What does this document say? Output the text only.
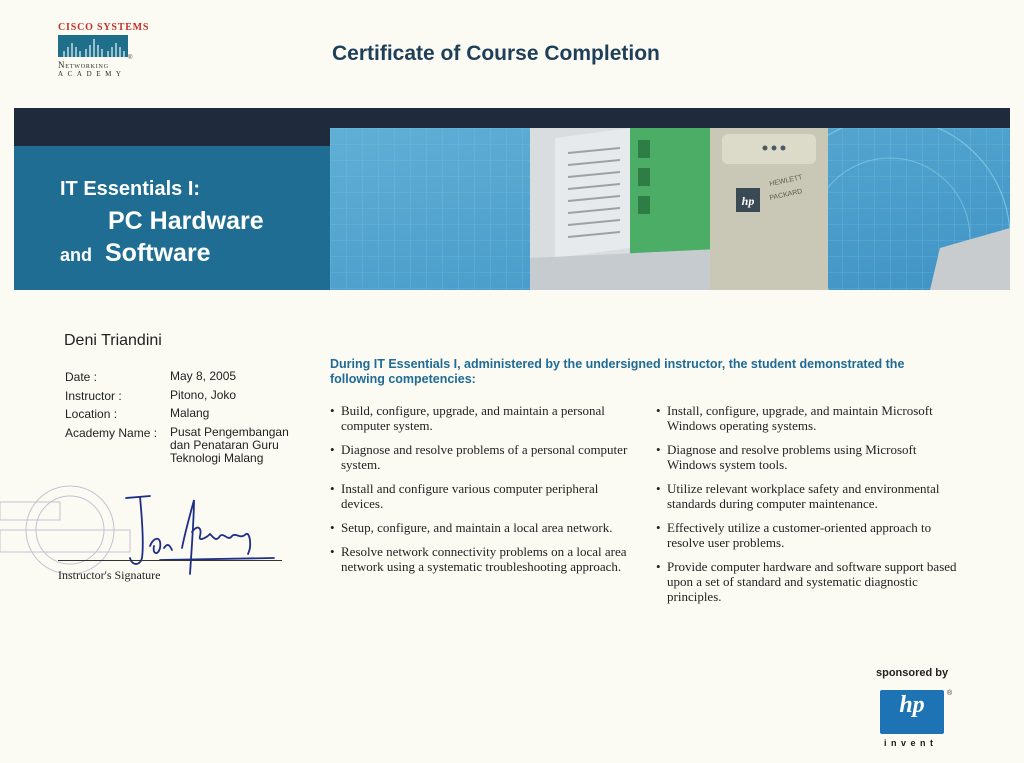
CISCO SYSTEMS
®
Networking
ACADEMY
Certificate of Course Completion
hp
HEWLETT
PACKARD
IT Essentials I:
PC Hardware
and Software
Deni Triandini
Date :	May 8, 2005
Instructor :	Pitono, Joko
Location :	Malang
Academy Name : Pusat Pengembangan dan Penataran Guru Teknologi Malang
Instructor's Signature
During IT Essentials I, administered by the undersigned instructor, the student demonstrated the following competencies:
• Build, configure, upgrade, and maintain a personal computer system.
• Diagnose and resolve problems of a personal computer system.
• Install and configure various computer peripheral devices.
• Setup, configure, and maintain a local area network.
• Resolve network connectivity problems on a local area network using a systematic troubleshooting approach.
• Install, configure, upgrade, and maintain Microsoft Windows operating systems.
• Diagnose and resolve problems using Microsoft Windows system tools.
• Utilize relevant workplace safety and environmental standards during computer maintenance.
• Effectively utilize a customer-oriented approach to resolve user problems.
• Provide computer hardware and software support based upon a set of standard and systematic diagnostic principles.
sponsored by
hp	®
invent
